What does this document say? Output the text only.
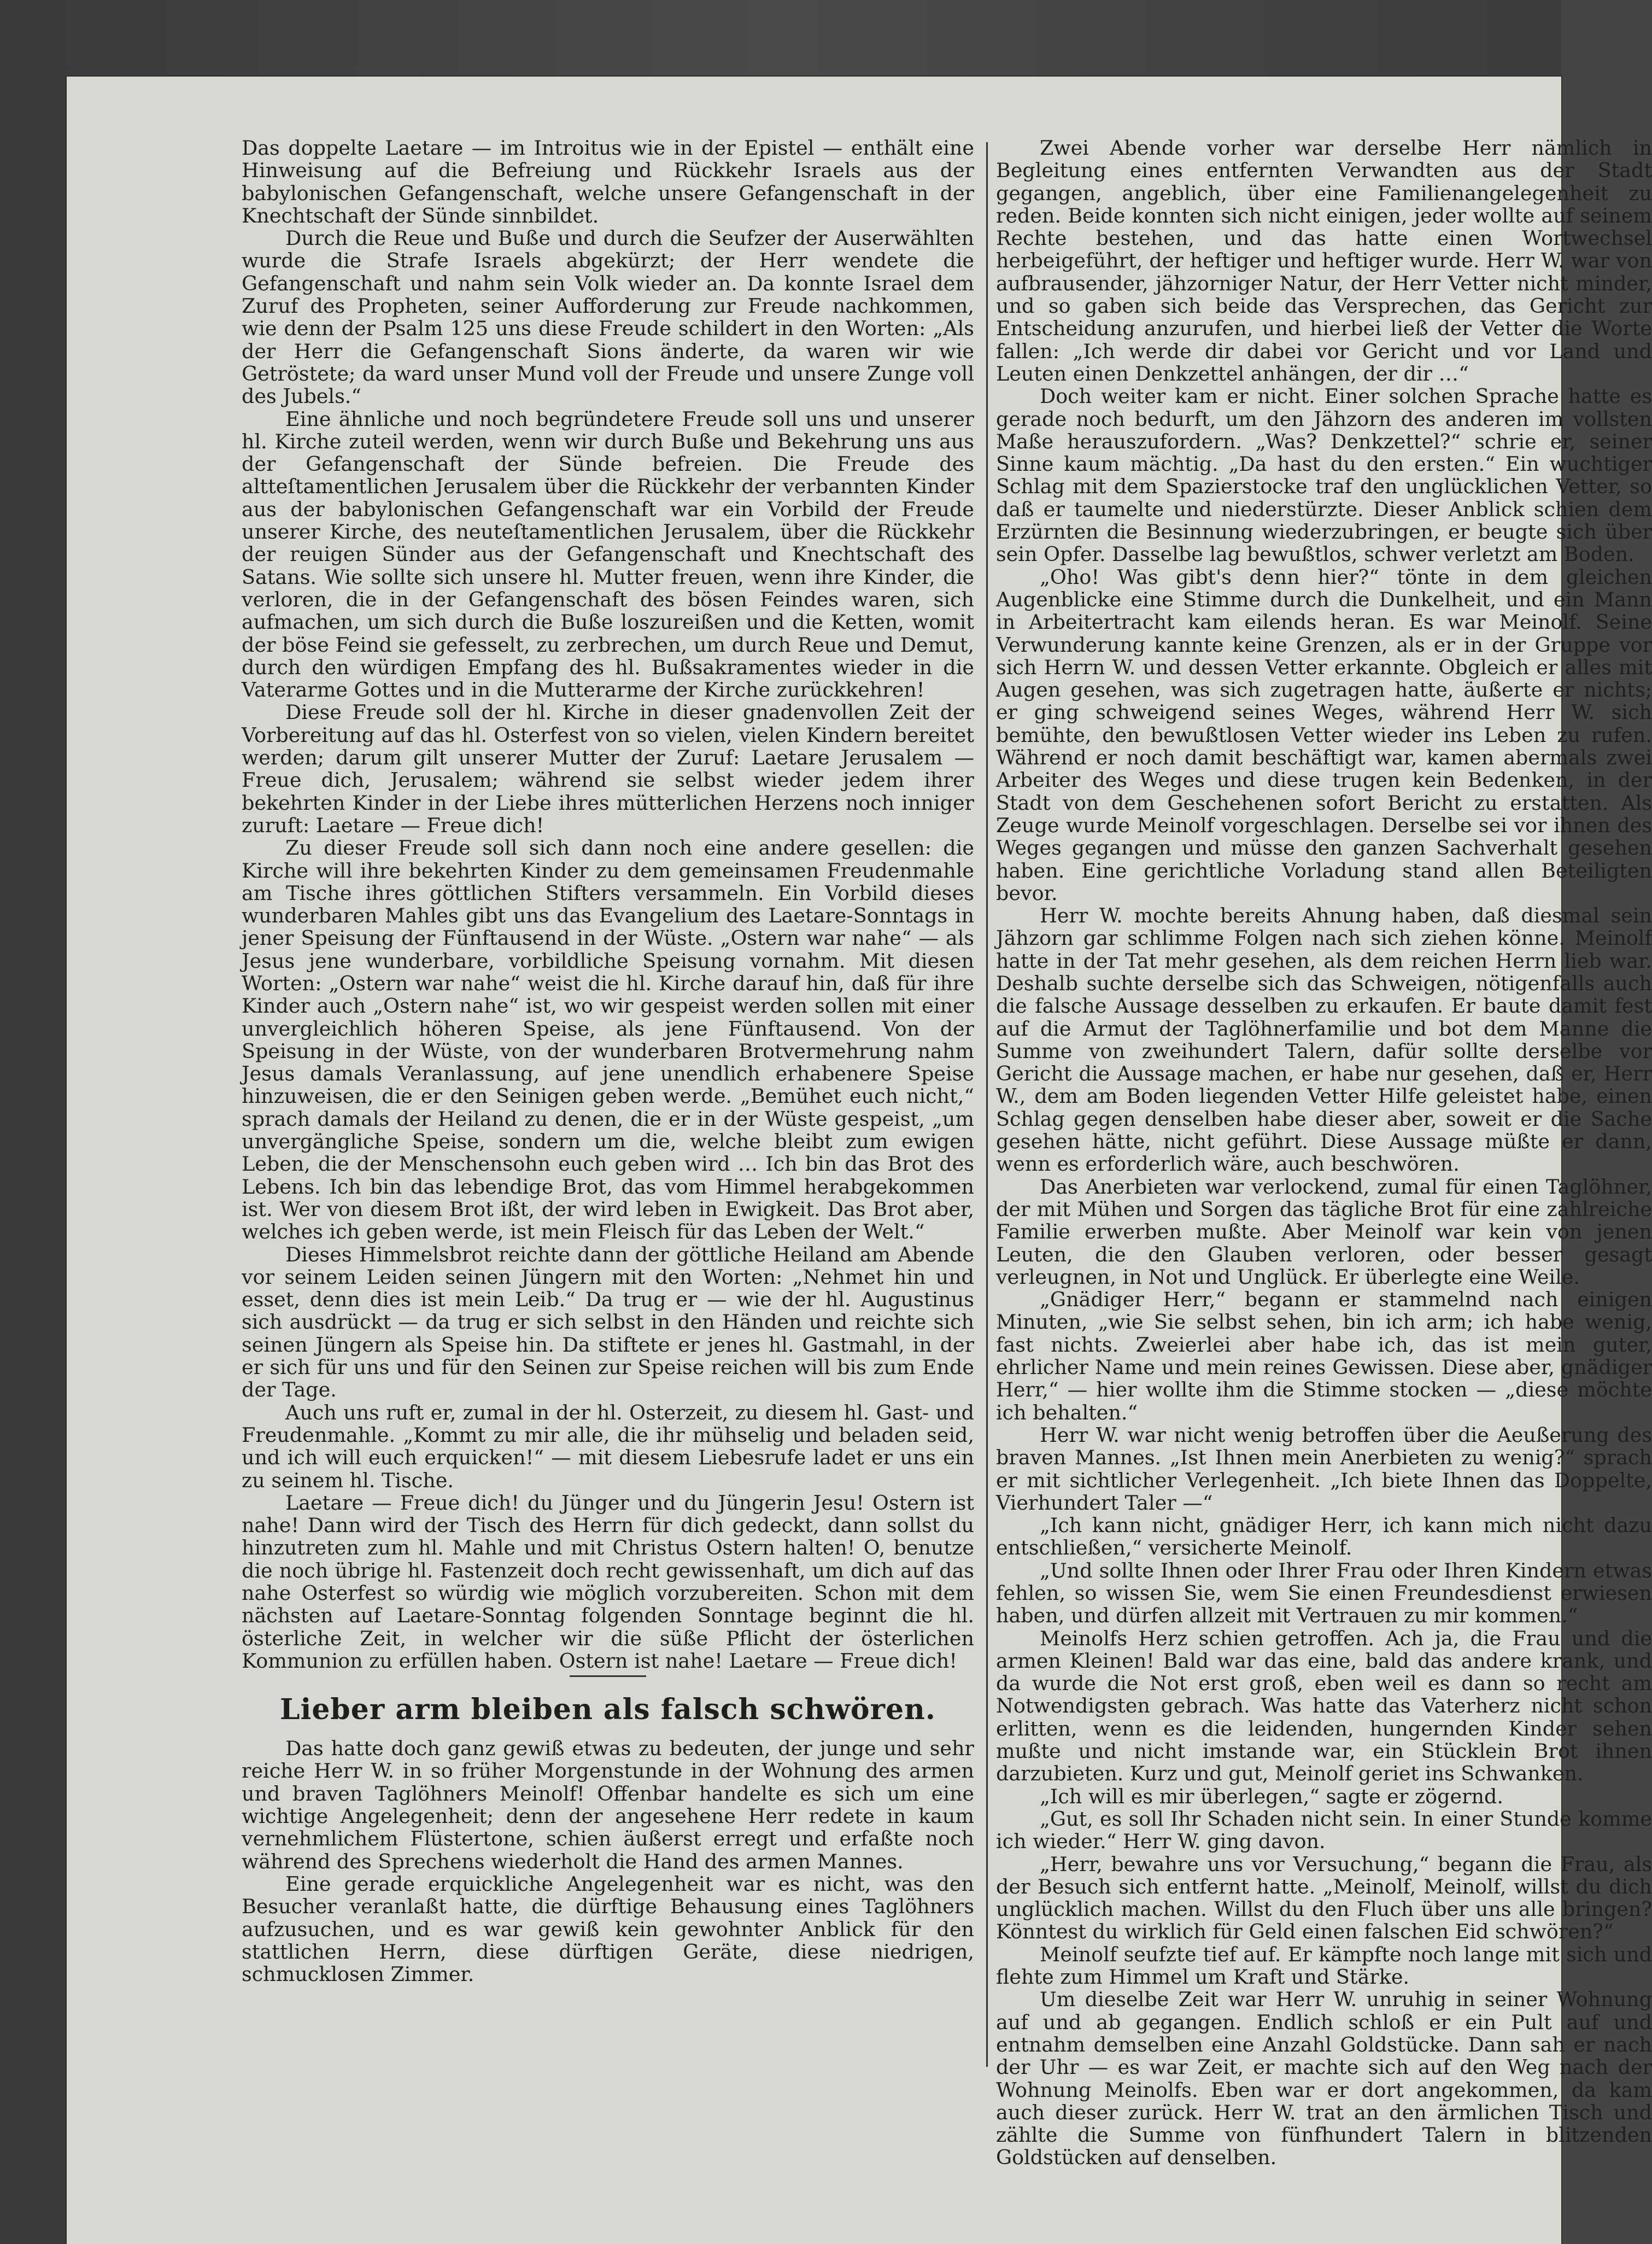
Das doppelte Laetare — im Introitus wie in der Epistel — enthält eine Hinweisung auf die Befreiung und Rückkehr Israels aus der babylonischen Gefangenschaft, welche unsere Gefangenschaft in der Knechtschaft der Sünde sinnbildet.

Durch die Reue und Buße und durch die Seufzer der Auserwählten wurde die Strafe Israels abgekürzt; der Herr wendete die Gefangenschaft und nahm sein Volk wieder an. Da konnte Israel dem Zuruf des Propheten, seiner Aufforderung zur Freude nachkommen, wie denn der Psalm 125 uns diese Freude schildert in den Worten: „Als der Herr die Gefangenschaft Sions änderte, da waren wir wie Getröstete; da ward unser Mund voll der Freude und unsere Zunge voll des Jubels.“

Eine ähnliche und noch begründetere Freude soll uns und unserer hl. Kirche zuteil werden, wenn wir durch Buße und Bekehrung uns aus der Gefangenschaft der Sünde befreien. Die Freude des altteſtamentlichen Jerusalem über die Rückkehr der verbannten Kinder aus der babylonischen Gefangenschaft war ein Vorbild der Freude unserer Kirche, des neuteſtamentlichen Jerusalem, über die Rückkehr der reuigen Sünder aus der Gefangenschaft und Knechtschaft des Satans. Wie sollte sich unsere hl. Mutter freuen, wenn ihre Kinder, die verloren, die in der Gefangenschaft des bösen Feindes waren, sich aufmachen, um sich durch die Buße loszureißen und die Ketten, womit der böse Feind sie gefesselt, zu zerbrechen, um durch Reue und Demut, durch den würdigen Empfang des hl. Bußsakramentes wieder in die Vaterarme Gottes und in die Mutterarme der Kirche zurückkehren!

Diese Freude soll der hl. Kirche in dieser gnadenvollen Zeit der Vorbereitung auf das hl. Osterfest von so vielen, vielen Kindern bereitet werden; darum gilt unserer Mutter der Zuruf: Laetare Jerusalem — Freue dich, Jerusalem; während sie selbst wieder jedem ihrer bekehrten Kinder in der Liebe ihres mütterlichen Herzens noch inniger zuruft: Laetare — Freue dich!

Zu dieser Freude soll sich dann noch eine andere gesellen: die Kirche will ihre bekehrten Kinder zu dem gemeinsamen Freudenmahle am Tische ihres göttlichen Stifters versammeln. Ein Vorbild dieses wunderbaren Mahles gibt uns das Evangelium des Laetare-Sonntags in jener Speisung der Fünftausend in der Wüste. „Ostern war nahe“ — als Jesus jene wunderbare, vorbildliche Speisung vornahm. Mit diesen Worten: „Ostern war nahe“ weist die hl. Kirche darauf hin, daß für ihre Kinder auch „Ostern nahe“ ist, wo wir gespeist werden sollen mit einer unvergleichlich höheren Speise, als jene Fünftausend. Von der Speisung in der Wüste, von der wunderbaren Brotvermehrung nahm Jesus damals Veranlassung, auf jene unendlich erhabenere Speise hinzuweisen, die er den Seinigen geben werde. „Bemühet euch nicht,“ sprach damals der Heiland zu denen, die er in der Wüste gespeist, „um unvergängliche Speise, sondern um die, welche bleibt zum ewigen Leben, die der Menschensohn euch geben wird … Ich bin das Brot des Lebens. Ich bin das lebendige Brot, das vom Himmel herabgekommen ist. Wer von diesem Brot ißt, der wird leben in Ewigkeit. Das Brot aber, welches ich geben werde, ist mein Fleisch für das Leben der Welt.“

Dieses Himmelsbrot reichte dann der göttliche Heiland am Abende vor seinem Leiden seinen Jüngern mit den Worten: „Nehmet hin und esset, denn dies ist mein Leib.“ Da trug er — wie der hl. Augustinus sich ausdrückt — da trug er sich selbst in den Händen und reichte sich seinen Jüngern als Speise hin. Da stiftete er jenes hl. Gastmahl, in der er sich für uns und für den Seinen zur Speise reichen will bis zum Ende der Tage.

Auch uns ruft er, zumal in der hl. Osterzeit, zu diesem hl. Gast- und Freudenmahle. „Kommt zu mir alle, die ihr mühselig und beladen seid, und ich will euch erquicken!“ — mit diesem Liebesrufe ladet er uns ein zu seinem hl. Tische.

Laetare — Freue dich! du Jünger und du Jüngerin Jesu! Ostern ist nahe! Dann wird der Tisch des Herrn für dich gedeckt, dann sollst du hinzutreten zum hl. Mahle und mit Christus Ostern halten! O, benutze die noch übrige hl. Fastenzeit doch recht gewissenhaft, um dich auf das nahe Osterfest so würdig wie möglich vorzubereiten. Schon mit dem nächsten auf Laetare-Sonntag folgenden Sonntage beginnt die hl. österliche Zeit, in welcher wir die süße Pflicht der österlichen Kommunion zu erfüllen haben. Ostern ist nahe! Laetare — Freue dich!

Lieber arm bleiben als falsch schwören.

Das hatte doch ganz gewiß etwas zu bedeuten, der junge und sehr reiche Herr W. in so früher Morgenstunde in der Wohnung des armen und braven Taglöhners Meinolf! Offenbar handelte es sich um eine wichtige Angelegenheit; denn der angesehene Herr redete in kaum vernehmlichem Flüstertone, schien äußerst erregt und erfaßte noch während des Sprechens wiederholt die Hand des armen Mannes.

Eine gerade erquickliche Angelegenheit war es nicht, was den Besucher veranlaßt hatte, die dürftige Behausung eines Taglöhners aufzusuchen, und es war gewiß kein gewohnter Anblick für den stattlichen Herrn, diese dürftigen Geräte, diese niedrigen, schmucklosen Zimmer.

Zwei Abende vorher war derselbe Herr nämlich in Begleitung eines entfernten Verwandten aus der Stadt gegangen, angeblich, über eine Familienangelegenheit zu reden. Beide konnten sich nicht einigen, jeder wollte auf seinem Rechte bestehen, und das hatte einen Wortwechsel herbeigeführt, der heftiger und heftiger wurde. Herr W. war von aufbrausender, jähzorniger Natur, der Herr Vetter nicht minder, und so gaben sich beide das Versprechen, das Gericht zur Entscheidung anzurufen, und hierbei ließ der Vetter die Worte fallen: „Ich werde dir dabei vor Gericht und vor Land und Leuten einen Denkzettel anhängen, der dir …“

Doch weiter kam er nicht. Einer solchen Sprache hatte es gerade noch bedurft, um den Jähzorn des anderen im vollsten Maße herauszufordern. „Was? Denkzettel?“ schrie er, seiner Sinne kaum mächtig. „Da hast du den ersten.“ Ein wuchtiger Schlag mit dem Spazierstocke traf den unglücklichen Vetter, so daß er taumelte und niederstürzte. Dieser Anblick schien dem Erzürnten die Besinnung wiederzubringen, er beugte sich über sein Opfer. Dasselbe lag bewußtlos, schwer verletzt am Boden.

„Oho! Was gibt's denn hier?“ tönte in dem gleichen Augenblicke eine Stimme durch die Dunkelheit, und ein Mann in Arbeitertracht kam eilends heran. Es war Meinolf. Seine Verwunderung kannte keine Grenzen, als er in der Gruppe vor sich Herrn W. und dessen Vetter erkannte. Obgleich er alles mit Augen gesehen, was sich zugetragen hatte, äußerte er nichts; er ging schweigend seines Weges, während Herr W. sich bemühte, den bewußtlosen Vetter wieder ins Leben zu rufen. Während er noch damit beschäftigt war, kamen abermals zwei Arbeiter des Weges und diese trugen kein Bedenken, in der Stadt von dem Geschehenen sofort Bericht zu erstatten. Als Zeuge wurde Meinolf vorgeschlagen. Derselbe sei vor ihnen des Weges gegangen und müsse den ganzen Sachverhalt gesehen haben. Eine gerichtliche Vorladung stand allen Beteiligten bevor.

Herr W. mochte bereits Ahnung haben, daß diesmal sein Jähzorn gar schlimme Folgen nach sich ziehen könne. Meinolf hatte in der Tat mehr gesehen, als dem reichen Herrn lieb war. Deshalb suchte derselbe sich das Schweigen, nötigenfalls auch die falsche Aussage desselben zu erkaufen. Er baute damit fest auf die Armut der Taglöhnerfamilie und bot dem Manne die Summe von zweihundert Talern, dafür sollte derselbe vor Gericht die Aussage machen, er habe nur gesehen, daß er, Herr W., dem am Boden liegenden Vetter Hilfe geleistet habe, einen Schlag gegen denselben habe dieser aber, soweit er die Sache gesehen hätte, nicht geführt. Diese Aussage müßte er dann, wenn es erforderlich wäre, auch beschwören.

Das Anerbieten war verlockend, zumal für einen Taglöhner, der mit Mühen und Sorgen das tägliche Brot für eine zahlreiche Familie erwerben mußte. Aber Meinolf war kein von jenen Leuten, die den Glauben verloren, oder besser gesagt verleugnen, in Not und Unglück. Er überlegte eine Weile.

„Gnädiger Herr,“ begann er stammelnd nach einigen Minuten, „wie Sie selbst sehen, bin ich arm; ich habe wenig, fast nichts. Zweierlei aber habe ich, das ist mein guter, ehrlicher Name und mein reines Gewissen. Diese aber, gnädiger Herr,“ — hier wollte ihm die Stimme stocken — „diese möchte ich behalten.“

Herr W. war nicht wenig betroffen über die Aeußerung des braven Mannes. „Ist Ihnen mein Anerbieten zu wenig?“ sprach er mit sichtlicher Verlegenheit. „Ich biete Ihnen das Doppelte, Vierhundert Taler —“

„Ich kann nicht, gnädiger Herr, ich kann mich nicht dazu entschließen,“ versicherte Meinolf.

„Und sollte Ihnen oder Ihrer Frau oder Ihren Kindern etwas fehlen, so wissen Sie, wem Sie einen Freundesdienst erwiesen haben, und dürfen allzeit mit Vertrauen zu mir kommen.“

Meinolfs Herz schien getroffen. Ach ja, die Frau und die armen Kleinen! Bald war das eine, bald das andere krank, und da wurde die Not erst groß, eben weil es dann so recht am Notwendigsten gebrach. Was hatte das Vaterherz nicht schon erlitten, wenn es die leidenden, hungernden Kinder sehen mußte und nicht imstande war, ein Stücklein Brot ihnen darzubieten. Kurz und gut, Meinolf geriet ins Schwanken.

„Ich will es mir überlegen,“ sagte er zögernd.

„Gut, es soll Ihr Schaden nicht sein. In einer Stunde komme ich wieder.“ Herr W. ging davon.

„Herr, bewahre uns vor Versuchung,“ begann die Frau, als der Besuch sich entfernt hatte. „Meinolf, Meinolf, willst du dich unglücklich machen. Willst du den Fluch über uns alle bringen? Könntest du wirklich für Geld einen falschen Eid schwören?“

Meinolf seufzte tief auf. Er kämpfte noch lange mit sich und flehte zum Himmel um Kraft und Stärke.

Um dieselbe Zeit war Herr W. unruhig in seiner Wohnung auf und ab gegangen. Endlich schloß er ein Pult auf und entnahm demselben eine Anzahl Goldstücke. Dann sah er nach der Uhr — es war Zeit, er machte sich auf den Weg nach der Wohnung Meinolfs. Eben war er dort angekommen, da kam auch dieser zurück. Herr W. trat an den ärmlichen Tisch und zählte die Summe von fünfhundert Talern in blitzenden Goldstücken auf denselben.
